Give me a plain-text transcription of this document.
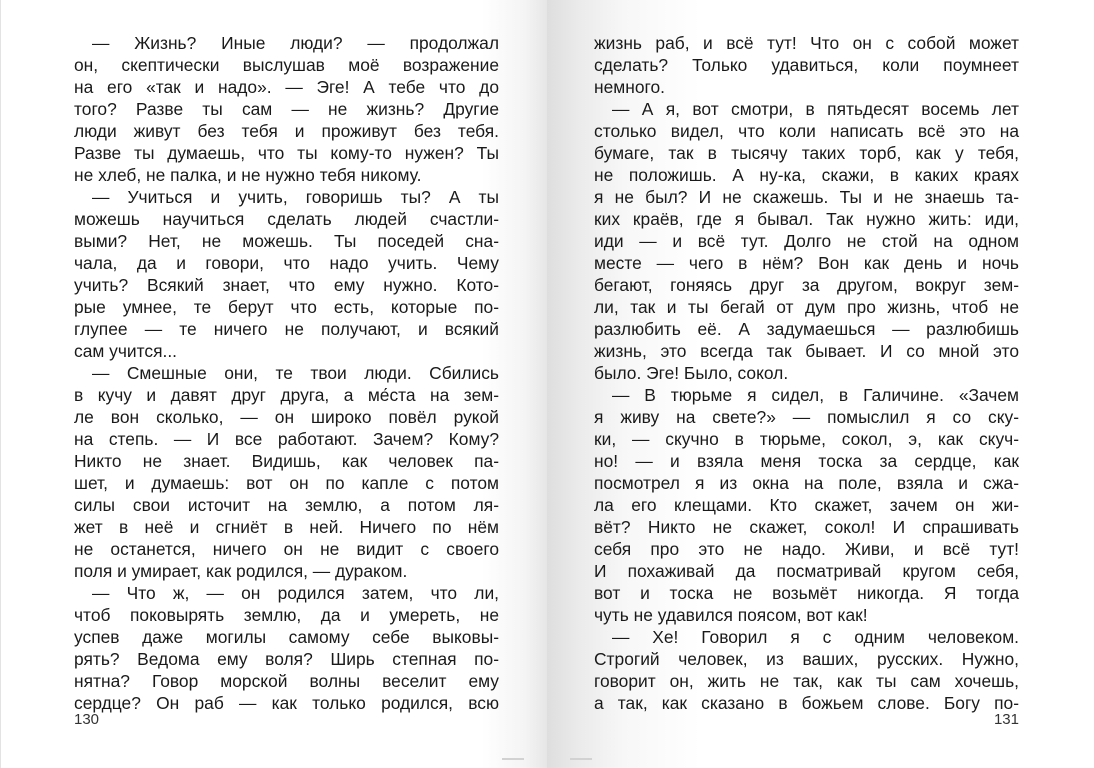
— Жизнь? Иные люди? — продолжал
он, скептически выслушав моё возражение
на его «так и надо». — Эге! А тебе что до
того? Разве ты сам — не жизнь? Другие
люди живут без тебя и проживут без тебя.
Разве ты думаешь, что ты кому-то нужен? Ты
не хлеб, не палка, и не нужно тебя никому.
— Учиться и учить, говоришь ты? А ты
можешь научиться сделать людей счастли-
выми? Нет, не можешь. Ты поседей сна-
чала, да и говори, что надо учить. Чему
учить? Всякий знает, что ему нужно. Кото-
рые умнее, те берут что есть, которые по-
глупее — те ничего не получают, и всякий
сам учится...
— Смешные они, те твои люди. Сбились
в кучу и давят друг друга, а ме́ста на зем-
ле вон сколько, — он широко повёл рукой
на степь. — И все работают. Зачем? Кому?
Никто не знает. Видишь, как человек па-
шет, и думаешь: вот он по капле с потом
силы свои источит на землю, а потом ля-
жет в неё и сгниёт в ней. Ничего по нём
не останется, ничего он не видит с своего
поля и умирает, как родился, — дураком.
— Что ж, — он родился затем, что ли,
чтоб поковырять землю, да и умереть, не
успев даже могилы самому себе выковы-
рять? Ведома ему воля? Ширь степная по-
нятна? Говор морской волны веселит ему
сердце? Он раб — как только родился, всю
130
жизнь раб, и всё тут! Что он с собой может
сделать? Только удавиться, коли поумнеет
немного.
— А я, вот смотри, в пятьдесят восемь лет
столько видел, что коли написать всё это на
бумаге, так в тысячу таких торб, как у тебя,
не положишь. А ну-ка, скажи, в каких краях
я не был? И не скажешь. Ты и не знаешь та-
ких краёв, где я бывал. Так нужно жить: иди,
иди — и всё тут. Долго не стой на одном
месте — чего в нём? Вон как день и ночь
бегают, гоняясь друг за другом, вокруг зем-
ли, так и ты бегай от дум про жизнь, чтоб не
разлюбить её. А задумаешься — разлюбишь
жизнь, это всегда так бывает. И со мной это
было. Эге! Было, сокол.
— В тюрьме я сидел, в Галичине. «Зачем
я живу на свете?» — помыслил я со ску-
ки, — скучно в тюрьме, сокол, э, как скуч-
но! — и взяла меня тоска за сердце, как
посмотрел я из окна на поле, взяла и сжа-
ла его клещами. Кто скажет, зачем он жи-
вёт? Никто не скажет, сокол! И спрашивать
себя про это не надо. Живи, и всё тут!
И похаживай да посматривай кругом себя,
вот и тоска не возьмёт никогда. Я тогда
чуть не удавился поясом, вот как!
— Хе! Говорил я с одним человеком.
Строгий человек, из ваших, русских. Нужно,
говорит он, жить не так, как ты сам хочешь,
а так, как сказано в божьем слове. Богу по-
131
